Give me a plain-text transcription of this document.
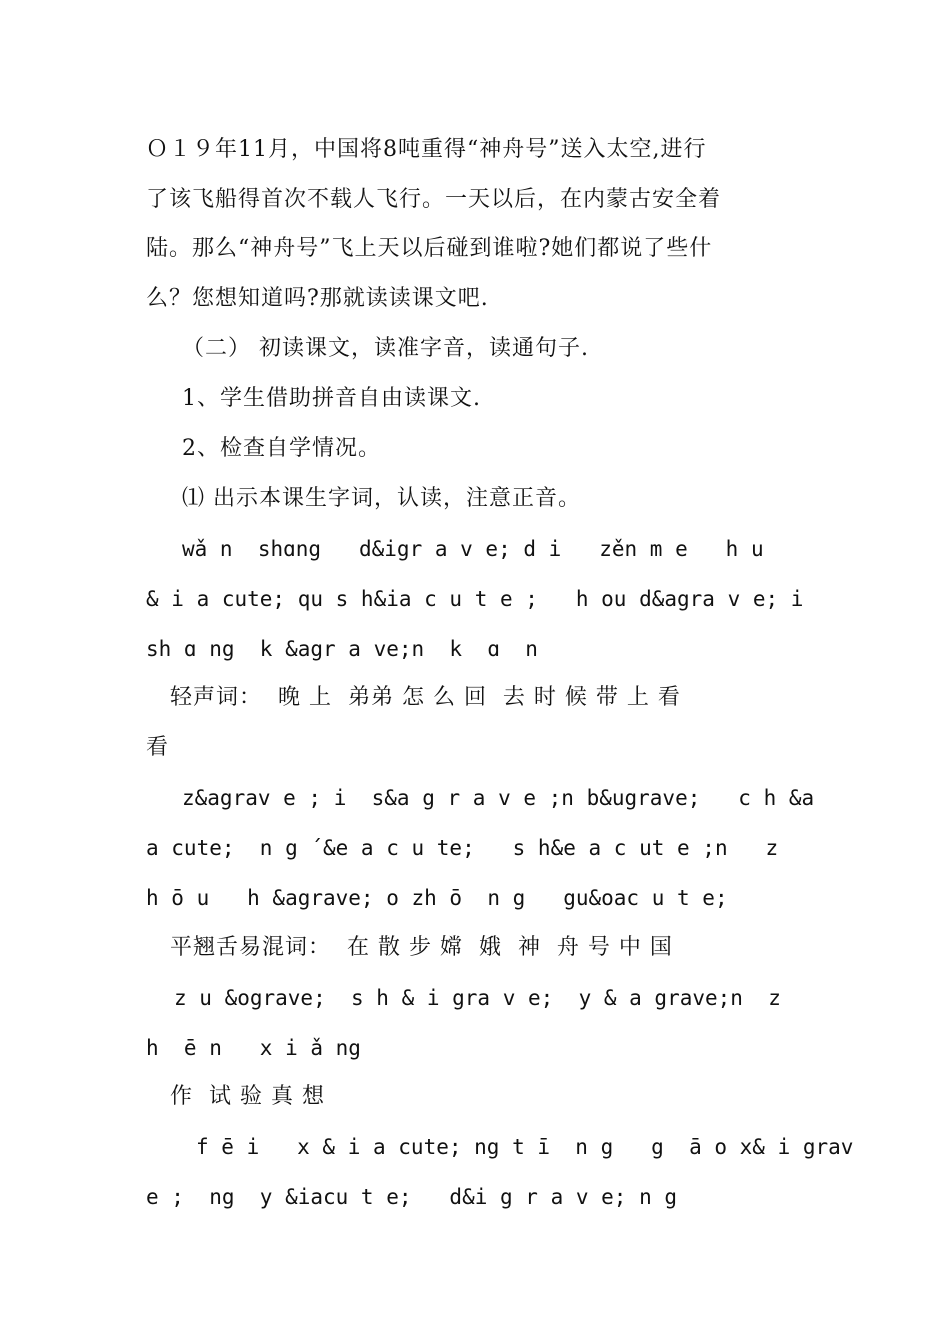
Ｏ１９年11月，中国将8吨重得“神舟号”送入太空,进行
了该飞船得首次不载人飞行。一天以后，在内蒙古安全着
陆。那么“神舟号”飞上天以后碰到谁啦?她们都说了些什
么？您想知道吗?那就读读课文吧.
（二） 初读课文，读准字音，读通句子.
1、学生借助拼音自由读课文.
2、检查自学情况。
⑴ 出示本课生字词，认读，注意正音。
wǎ n  shɑng   d&igr a v e; d i   zěn m e   h u
& i a cute; qu s h&ia c u t e ;   h ou d&agra v e; i
sh ɑ ng  k &agr a ve;n  k  ɑ  n
轻声词：  晚 上  弟弟 怎 么 回  去 时 候 带 上 看
看
z&agrav e ; i  s&a g r a v e ;n b&ugrave;   c h &a
a cute;  n g ´&e a c u te;   s h&e a c ut e ;n   z
h ō u   h &agrave; o zh ō  n g   gu&oac u t e;
平翘舌易混词：  在 散 步 嫦  娥  神  舟 号 中 国
z u &ograve;  s h & i gra v e;  y & a grave;n  z
h  ē n   x i ǎ ng
作  试 验 真 想
f ē i   x & i a cute; ng t ī  n g   g  ā o x& i grav
e ;  ng  y &iacu t e;   d&i g r a v e; n g
